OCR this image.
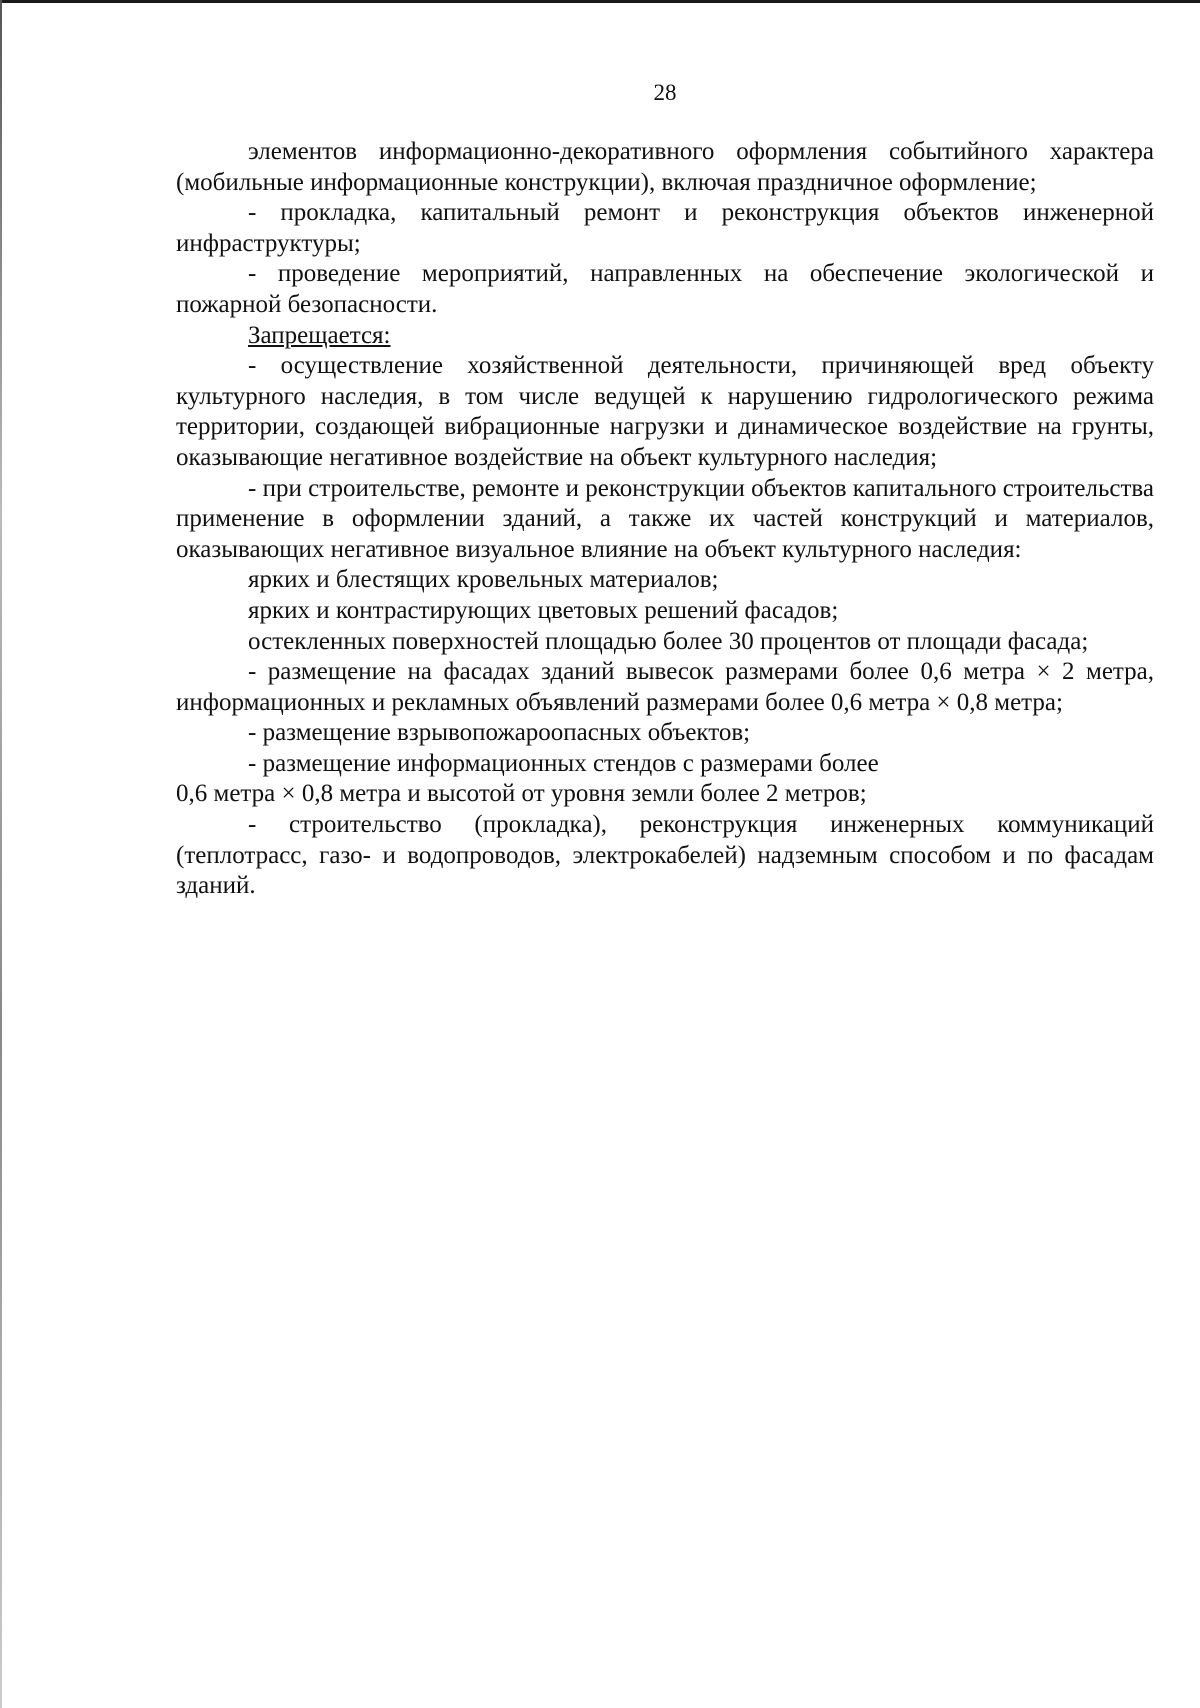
28

элементов информационно-декоративного оформления событийного характера (мобильные информационные конструкции), включая праздничное оформление;

- прокладка, капитальный ремонт и реконструкция объектов инженерной инфраструктуры;

- проведение мероприятий, направленных на обеспечение экологической и пожарной безопасности.

Запрещается:

- осуществление хозяйственной деятельности, причиняющей вред объекту культурного наследия, в том числе ведущей к нарушению гидрологического режима территории, создающей вибрационные нагрузки и динамическое воздействие на грунты, оказывающие негативное воздействие на объект культурного наследия;

- при строительстве, ремонте и реконструкции объектов капитального строительства применение в оформлении зданий, а также их частей конструкций и материалов, оказывающих негативное визуальное влияние на объект культурного наследия:

ярких и блестящих кровельных материалов;

ярких и контрастирующих цветовых решений фасадов;

остекленных поверхностей площадью более 30 процентов от площади фасада;

- размещение на фасадах зданий вывесок размерами более 0,6 метра × 2 метра, информационных и рекламных объявлений размерами более 0,6 метра × 0,8 метра;

- размещение взрывопожароопасных объектов;

- размещение информационных стендов с размерами более

0,6 метра × 0,8 метра и высотой от уровня земли более 2 метров;

- строительство (прокладка), реконструкция инженерных коммуникаций (теплотрасс, газо- и водопроводов, электрокабелей) надземным способом и по фасадам зданий.
